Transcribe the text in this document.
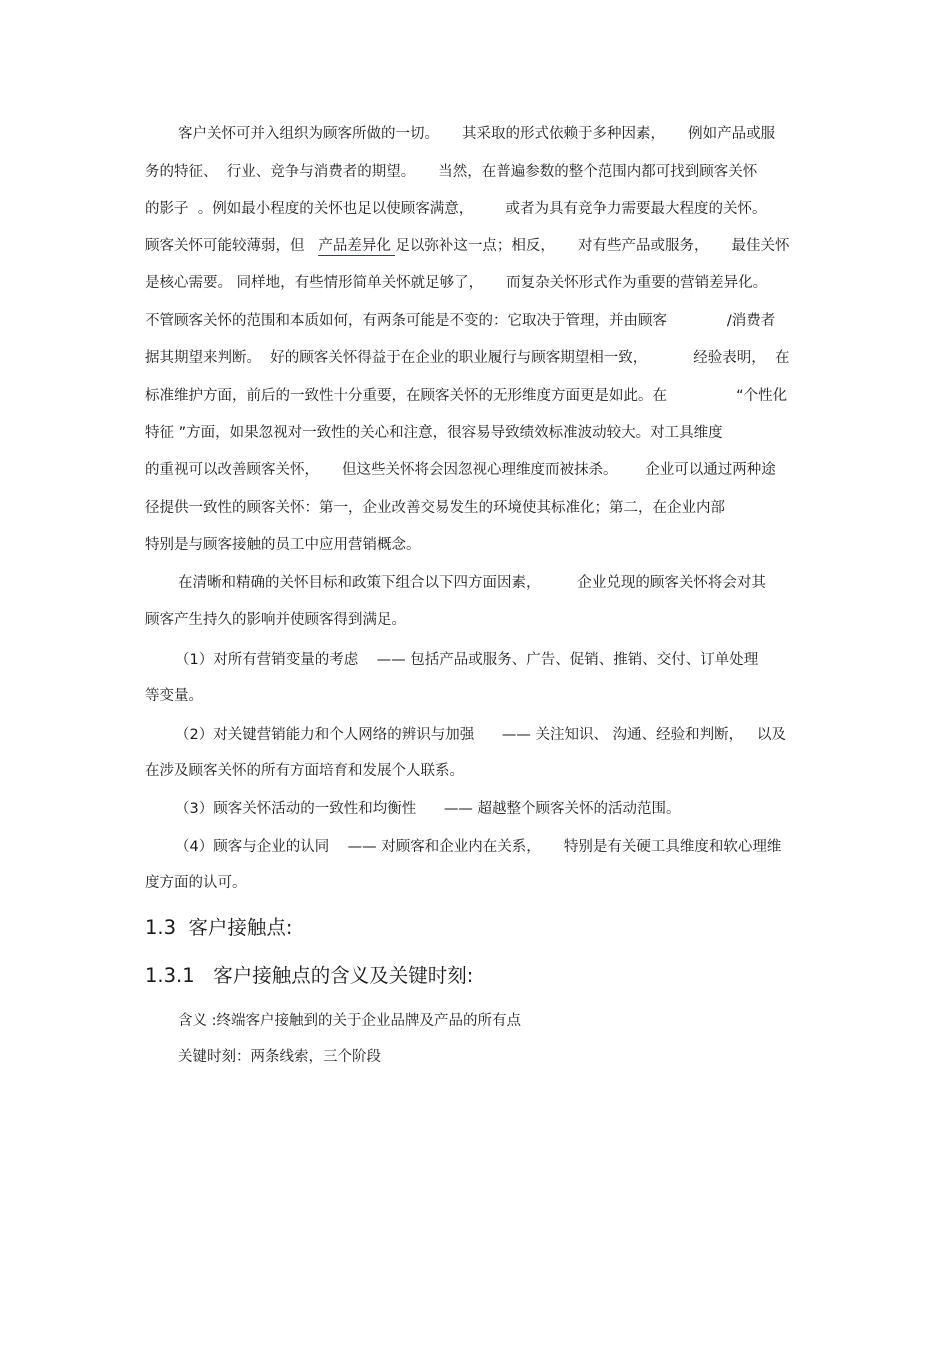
客户关怀可并入组织为顾客所做的一切。     其采取的形式依赖于多种因素，     例如产品或服
务的特征、  行业、竞争与消费者的期望。     当然，在普遍参数的整个范围内都可找到顾客关怀
的影子  。例如最小程度的关怀也足以使顾客满意，       或者为具有竞争力需要最大程度的关怀。
顾客关怀可能较薄弱，但   产品差异化 足以弥补这一点；相反，     对有些产品或服务，     最佳关怀
是核心需要。 同样地，有些情形简单关怀就足够了，     而复杂关怀形式作为重要的营销差异化。
不管顾客关怀的范围和本质如何，有两条可能是不变的：它取决于管理，并由顾客             /消费者
据其期望来判断。  好的顾客关怀得益于在企业的职业履行与顾客期望相一致，          经验表明，  在
标准维护方面，前后的一致性十分重要，在顾客关怀的无形维度方面更是如此。在               “个性化
特征 ”方面，如果忽视对一致性的关心和注意，很容易导致绩效标准波动较大。对工具维度
的重视可以改善顾客关怀，     但这些关怀将会因忽视心理维度而被抹杀。      企业可以通过两种途
径提供一致性的顾客关怀：第一，企业改善交易发生的环境使其标准化；第二，在企业内部
特别是与顾客接触的员工中应用营销概念。
在清晰和精确的关怀目标和政策下组合以下四方面因素，        企业兑现的顾客关怀将会对其
顾客产生持久的影响并使顾客得到满足。
（1）对所有营销变量的考虑    —— 包括产品或服务、广告、促销、推销、交付、订单处理
等变量。
（2）对关键营销能力和个人网络的辨识与加强      —— 关注知识、 沟通、经验和判断，   以及
在涉及顾客关怀的所有方面培育和发展个人联系。
（3）顾客关怀活动的一致性和均衡性      —— 超越整个顾客关怀的活动范围。
（4）顾客与企业的认同    —— 对顾客和企业内在关系，     特别是有关硬工具维度和软心理维
度方面的认可。
1.3  客户接触点:
1.3.1   客户接触点的含义及关键时刻:
含义 :终端客户接触到的关于企业品牌及产品的所有点
关键时刻：两条线索，三个阶段
